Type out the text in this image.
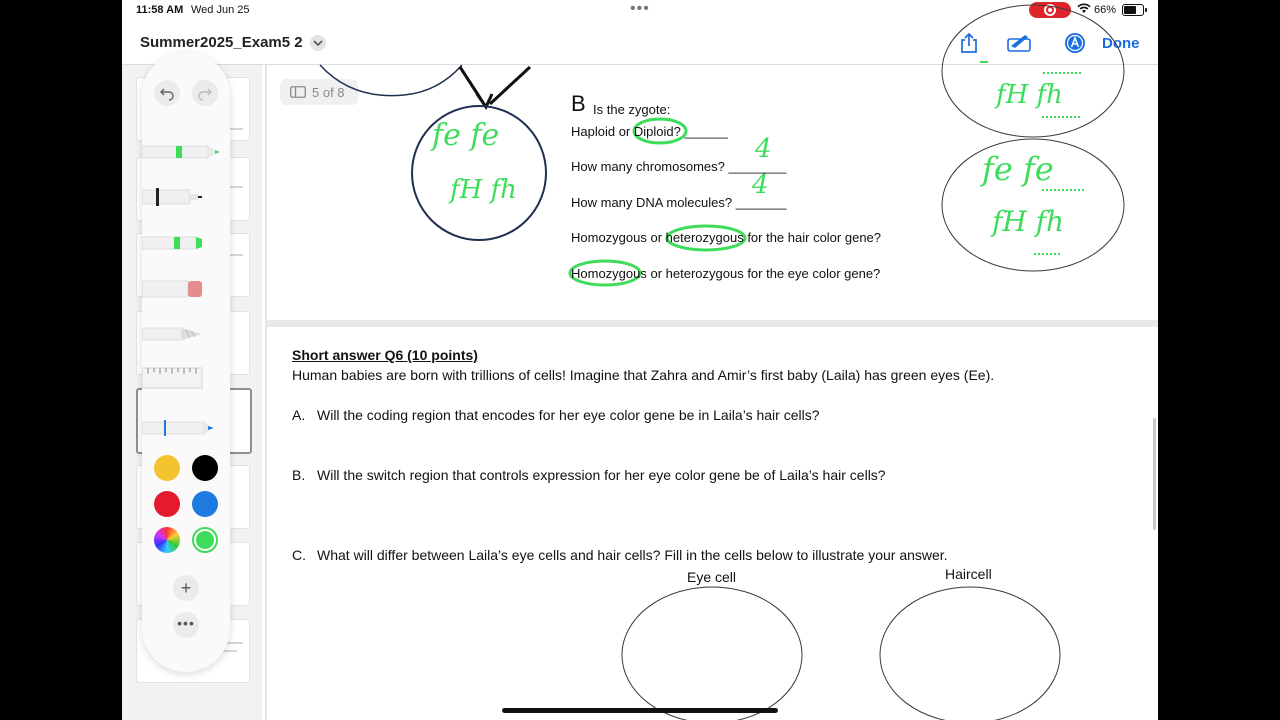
11:58 AM Wed Jun 25	•••	66%
Summer2025_Exam5 2	Done
+
•••
5 of 8
fe fe
fH fh
fH fh
fe fe
fH fh
B Is the zygote:
Haploid or Diploid? ______
How many chromosomes? ________
4
How many DNA molecules? _______
4
Homozygous or heterozygous for the hair color gene?
Homozygous or heterozygous for the eye color gene?
Short answer Q6 (10 points)
Human babies are born with trillions of cells! Imagine that Zahra and Amir’s first baby (Laila) has green eyes (Ee).
A. Will the coding region that encodes for her eye color gene be in Laila’s hair cells?
B. Will the switch region that controls expression for her eye color gene be of Laila’s hair cells?
C. What will differ between Laila’s eye cells and hair cells? Fill in the cells below to illustrate your answer.
Eye cell	Haircell
